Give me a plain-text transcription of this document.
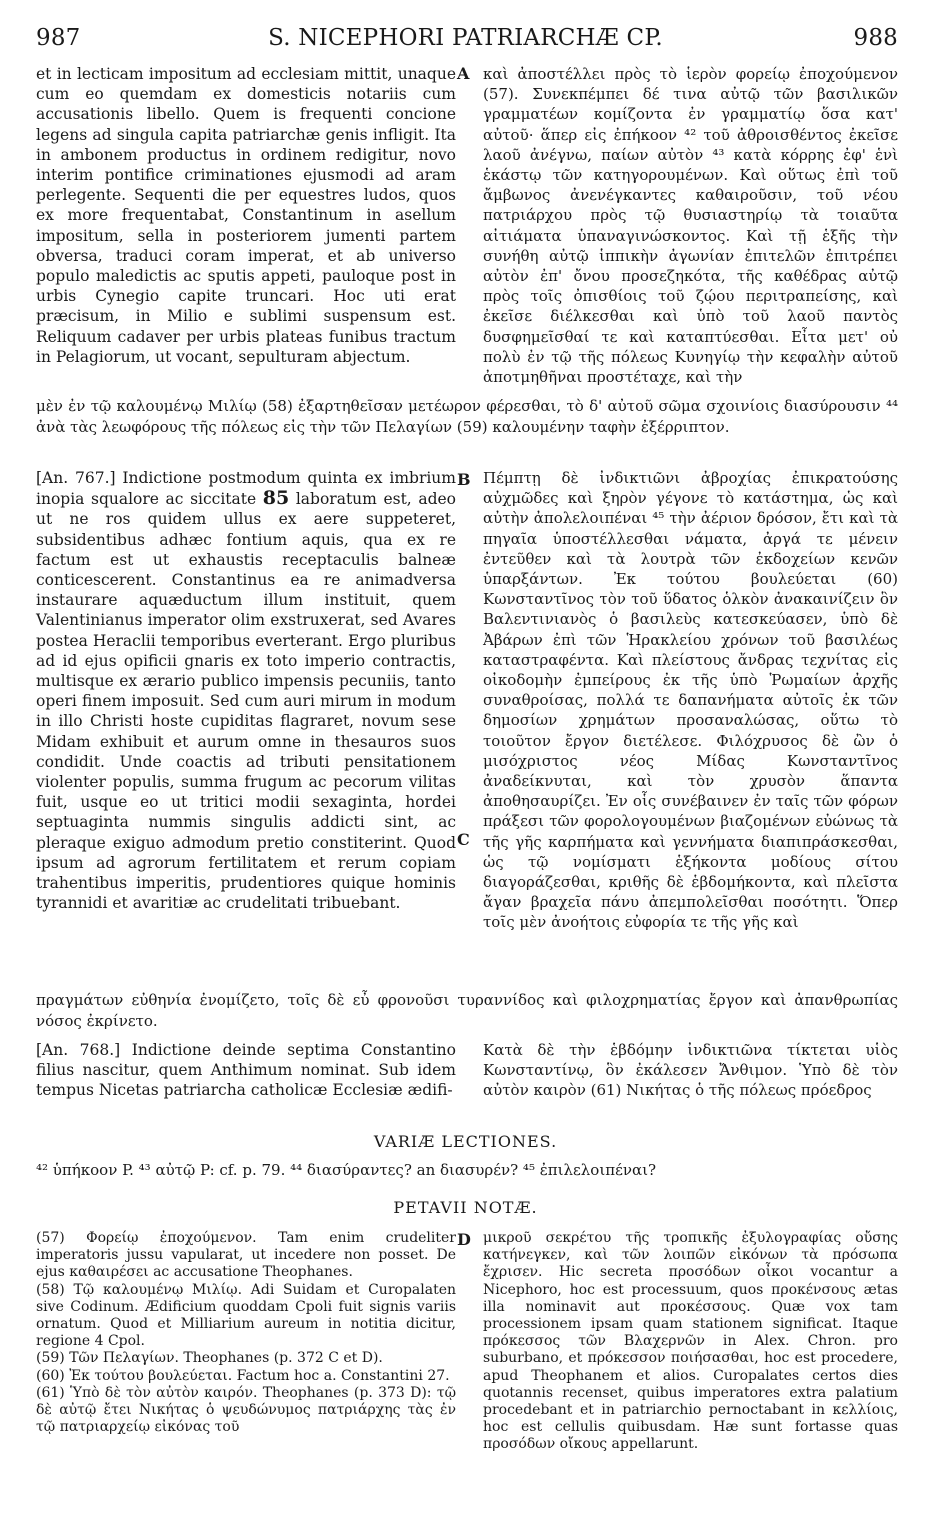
987	S. NICEPHORI PATRIARCHÆ CP.	988
A

et in lecticam impositum ad ecclesiam mittit, unaque cum eo quemdam ex domesticis notariis cum accusationis libello. Quem is frequenti concione legens ad singula capita patriarchæ genis infligit. Ita in ambonem productus in ordinem redigitur, novo interim pontifice criminationes ejusmodi ad aram perlegente. Sequenti die per equestres ludos, quos ex more frequentabat, Constantinum in asellum impositum, sella in posteriorem jumenti partem obversa, traduci coram imperat, et ab universo populo maledictis ac sputis appeti, pauloque post in urbis Cynegio capite truncari. Hoc uti erat præcisum, in Milio e sublimi suspensum est. Reliquum cadaver per urbis plateas funibus tractum in Pelagiorum, ut vocant, sepulturam abjectum.

καὶ ἀποστέλλει πρὸς τὸ ἱερὸν φορείῳ ἐποχούμενον (57). Συνεκπέμπει δέ τινα αὐτῷ τῶν βασιλικῶν γραμματέων κομίζοντα ἐν γραμματίῳ ὅσα κατ' αὐτοῦ· ἅπερ εἰς ἐπήκοον ⁴² τοῦ ἀθροισθέντος ἐκεῖσε λαοῦ ἀνέγνω, παίων αὐτὸν ⁴³ κατὰ κόρρης ἐφ' ἑνὶ ἑκάστῳ τῶν κατηγορουμένων. Καὶ οὕτως ἐπὶ τοῦ ἄμβωνος ἀνενέγκαντες καθαιροῦσιν, τοῦ νέου πατριάρχου πρὸς τῷ θυσιαστηρίῳ τὰ τοιαῦτα αἰτιάματα ὑπαναγινώσκοντος. Καὶ τῇ ἑξῆς τὴν συνήθη αὐτῷ ἱππικὴν ἀγωνίαν ἐπιτελῶν ἐπιτρέπει αὐτὸν ἐπ' ὄνου προσεζηκότα, τῆς καθέδρας αὐτῷ πρὸς τοῖς ὀπισθίοις τοῦ ζῴου περιτραπείσης, καὶ ἐκεῖσε διέλκεσθαι καὶ ὑπὸ τοῦ λαοῦ παντὸς δυσφημεῖσθαί τε καὶ καταπτύεσθαι. Εἶτα μετ' οὐ πολὺ ἐν τῷ τῆς πόλεως Κυνηγίῳ τὴν κεφαλὴν αὐτοῦ ἀποτμηθῆναι προστέταχε, καὶ τὴν

μὲν ἐν τῷ καλουμένῳ Μιλίῳ (58) ἐξαρτηθεῖσαν μετέωρον φέρεσθαι, τὸ δ' αὐτοῦ σῶμα σχοινίοις διασύρουσιν ⁴⁴ ἀνὰ τὰς λεωφόρους τῆς πόλεως εἰς τὴν τῶν Πελαγίων (59) καλουμένην ταφὴν ἐξέρριπτον.

B

[An. 767.] Indictione postmodum quinta ex imbrium inopia squalore ac siccitate 85 laboratum est, adeo ut ne ros quidem ullus ex aere suppeteret, subsidentibus adhæc fontium aquis, qua ex re factum est ut exhaustis receptaculis balneæ conticescerent. Constantinus ea re animadversa instaurare aquæductum illum instituit, quem Valentinianus imperator olim exstruxerat, sed Avares postea Heraclii temporibus everterant. Ergo pluribus ad id ejus opificii gnaris ex toto imperio contractis, multisque ex ærario publico impensis pecuniis, tanto operi finem imposuit. Sed cum auri mirum in modum in illo Christi hoste cupiditas flagraret, novum sese Midam exhibuit et aurum omne in thesauros suos condidit. Unde coactis ad tributi pensitationem violenter populis, summa frugum ac pecorum vilitas fuit, usque eo ut tritici modii sexaginta, hordei septuaginta nummis singulis addicti sint, ac pleraque exiguo admodum pretio constiterint. Quod ipsum ad agrorum fertilitatem et rerum copiam trahentibus imperitis, prudentiores quique hominis tyrannidi et avaritiæ ac crudelitati tribuebant.

Πέμπτῃ δὲ ἰνδικτιῶνι ἀβροχίας ἐπικρατούσης αὐχμῶδες καὶ ξηρὸν γέγονε τὸ κατάστημα, ὡς καὶ αὐτὴν ἀπολελοιπέναι ⁴⁵ τὴν ἀέριον δρόσον, ἔτι καὶ τὰ πηγαῖα ὑποστέλλεσθαι νάματα, ἀργά τε μένειν ἐντεῦθεν καὶ τὰ λουτρὰ τῶν ἐκδοχείων κενῶν ὑπαρξάντων. Ἐκ τούτου βουλεύεται (60) Κωνσταντῖνος τὸν τοῦ ὕδατος ὁλκὸν ἀνακαινίζειν ὃν Βαλεντινιανὸς ὁ βασιλεὺς κατεσκεύασεν, ὑπὸ δὲ Ἀβάρων ἐπὶ τῶν Ἡρακλείου χρόνων τοῦ βασιλέως καταστραφέντα. Καὶ πλείστους ἄνδρας τεχνίτας εἰς οἰκοδομὴν ἐμπείρους ἐκ τῆς ὑπὸ Ῥωμαίων ἀρχῆς συναθροίσας, πολλά τε δαπανήματα αὐτοῖς ἐκ τῶν δημοσίων χρημάτων προσαναλώσας, οὕτω τὸ τοιοῦτον ἔργον διετέλεσε. Φιλόχρυσος δὲ ὢν ὁ μισόχριστος νέος Μίδας Κωνσταντῖνος ἀναδείκνυται, καὶ τὸν χρυσὸν ἅπαντα ἀποθησαυρίζει. Ἐν οἷς συνέβαινεν ἐν ταῖς τῶν φόρων πράξεσι τῶν φορολογουμένων βιαζομένων εὐώνως τὰ τῆς γῆς καρπήματα καὶ γεννήματα διαπιπράσκεσθαι, ὡς τῷ νομίσματι ἑξήκοντα μοδίους σίτου διαγοράζεσθαι, κριθῆς δὲ ἑβδομήκοντα, καὶ πλεῖστα ἄγαν βραχεῖα πάνυ ἀπεμπολεῖσθαι ποσότητι. Ὅπερ τοῖς μὲν ἀνοήτοις εὐφορία τε τῆς γῆς καὶ

C

πραγμάτων εὐθηνία ἐνομίζετο, τοῖς δὲ εὖ φρονοῦσι τυραννίδος καὶ φιλοχρηματίας ἔργον καὶ ἀπανθρωπίας νόσος ἐκρίνετο.

[An. 768.] Indictione deinde septima Constantino filius nascitur, quem Anthimum nominat. Sub idem tempus Nicetas patriarcha catholicæ Ecclesiæ ædifi-

Κατὰ δὲ τὴν ἑβδόμην ἰνδικτιῶνα τίκτεται υἱὸς Κωνσταντίνῳ, ὃν ἐκάλεσεν Ἄνθιμον. Ὑπὸ δὲ τὸν αὐτὸν καιρὸν (61) Νικήτας ὁ τῆς πόλεως πρόεδρος

VARIÆ LECTIONES.
⁴² ὑπήκοον P. ⁴³ αὐτῷ P: cf. p. 79. ⁴⁴ διασύραντες? an διασυρέν? ⁴⁵ ἐπιλελοιπέναι?
PETAVII NOTÆ.
D

(57) Φορείῳ ἐποχούμενον. Tam enim crudeliter imperatoris jussu vapularat, ut incedere non posset. De ejus καθαιρέσει ac accusatione Theophanes.

(58) Τῷ καλουμένῳ Μιλίῳ. Adi Suidam et Curopalaten sive Codinum. Ædificium quoddam Cpoli fuit signis variis ornatum. Quod et Milliarium aureum in notitia dicitur, regione 4 Cpol.

(59) Τῶν Πελαγίων. Theophanes (p. 372 C et D).

(60) Ἐκ τούτου βουλεύεται. Factum hoc a. Constantini 27.

(61) Ὑπὸ δὲ τὸν αὐτὸν καιρόν. Theophanes (p. 373 D): τῷ δὲ αὐτῷ ἔτει Νικήτας ὁ ψευδώνυμος πατριάρχης τὰς ἐν τῷ πατριαρχείῳ εἰκόνας τοῦ

μικροῦ σεκρέτου τῆς τροπικῆς ἐξυλογραφίας οὔσης κατήνεγκεν, καὶ τῶν λοιπῶν εἰκόνων τὰ πρόσωπα ἔχρισεν. Hic secreta προσόδων οἶκοι vocantur a Nicephoro, hoc est processuum, quos προκένσους ætas illa nominavit aut προκέσσους. Quæ vox tam processionem ipsam quam stationem significat. Itaque πρόκεσσος τῶν Βλαχερνῶν in Alex. Chron. pro suburbano, et πρόκεσσον ποιήσασθαι, hoc est procedere, apud Theophanem et alios. Curopalates certos dies quotannis recenset, quibus imperatores extra palatium procedebant et in patriarchio pernoctabant in κελλίοις, hoc est cellulis quibusdam. Hæ sunt fortasse quas προσόδων οἴκους appellarunt.
